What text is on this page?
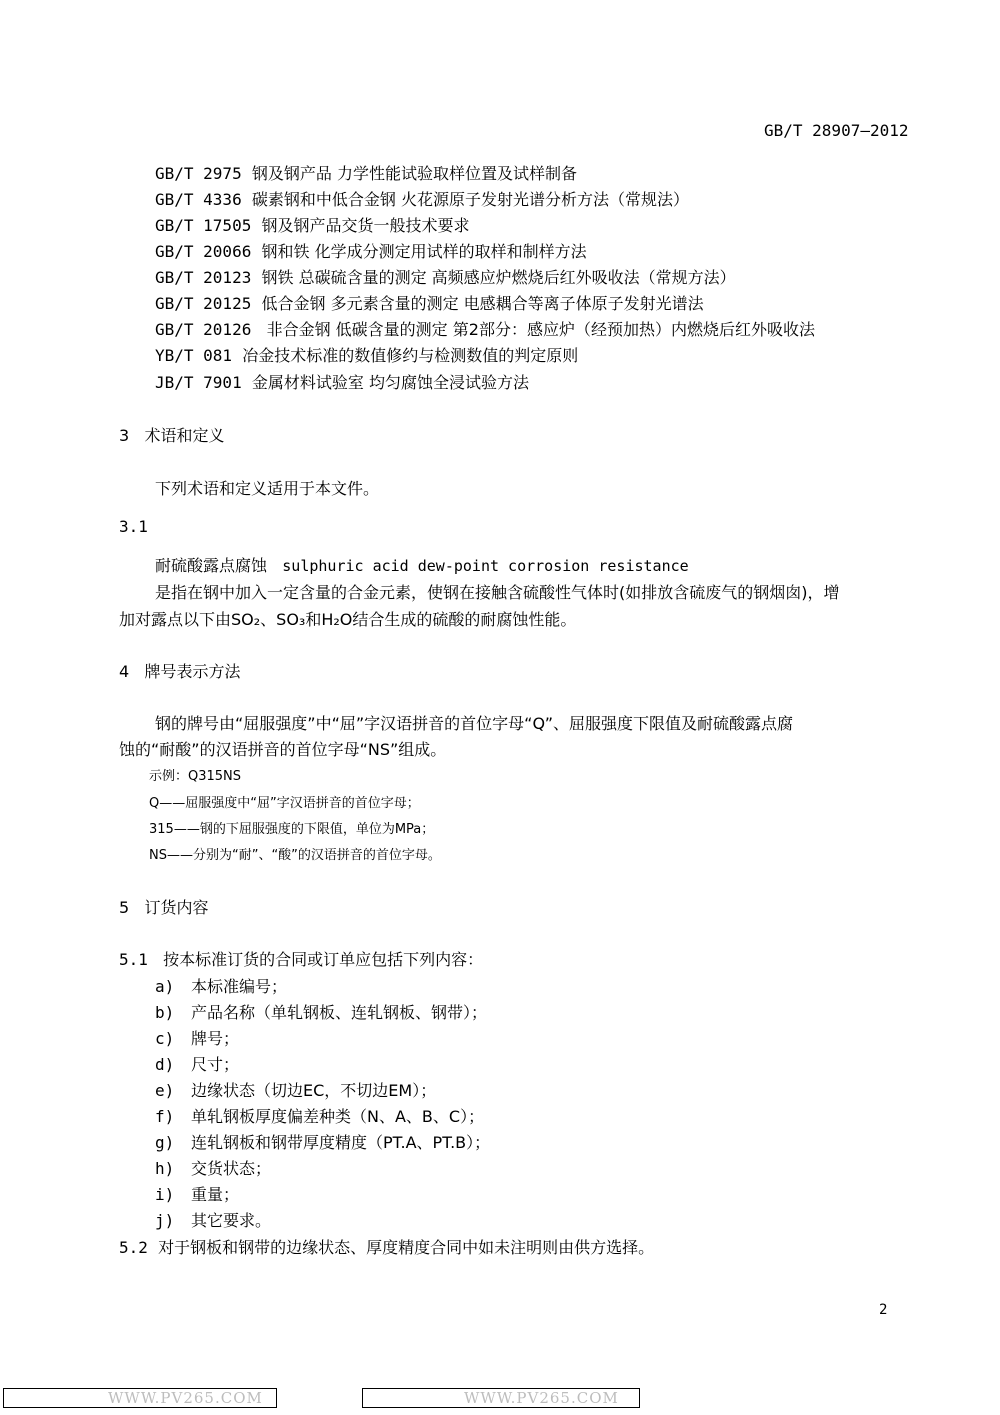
GB/T 28907—2012
GB/T 2975 钢及钢产品 力学性能试验取样位置及试样制备
GB/T 4336 碳素钢和中低合金钢 火花源原子发射光谱分析方法（常规法）
GB/T 17505 钢及钢产品交货一般技术要求
GB/T 20066 钢和铁 化学成分测定用试样的取样和制样方法
GB/T 20123 钢铁 总碳硫含量的测定 高频感应炉燃烧后红外吸收法（常规方法）
GB/T 20125 低合金钢 多元素含量的测定 电感耦合等离子体原子发射光谱法
GB/T 20126   非合金钢 低碳含量的测定 第2部分：感应炉（经预加热）内燃烧后红外吸收法
YB/T 081 冶金技术标准的数值修约与检测数值的判定原则
JB/T 7901 金属材料试验室 均匀腐蚀全浸试验方法
3 术语和定义
下列术语和定义适用于本文件。
3.1
耐硫酸露点腐蚀 sulphuric acid dew-point corrosion resistance
是指在钢中加入一定含量的合金元素，使钢在接触含硫酸性气体时(如排放含硫废气的钢烟囱)，增
加对露点以下由SO₂、SO₃和H₂O结合生成的硫酸的耐腐蚀性能。
4 牌号表示方法
钢的牌号由“屈服强度”中“屈”字汉语拼音的首位字母“Q”、屈服强度下限值及耐硫酸露点腐
蚀的“耐酸”的汉语拼音的首位字母“NS”组成。
示例：Q315NS
Q——屈服强度中“屈”字汉语拼音的首位字母；
315——钢的下屈服强度的下限值，单位为MPa；
NS——分别为“耐”、“酸”的汉语拼音的首位字母。
5 订货内容
5.1 按本标准订货的合同或订单应包括下列内容：
a) 本标准编号；
b) 产品名称（单轧钢板、连轧钢板、钢带）；
c) 牌号；
d) 尺寸；
e) 边缘状态（切边EC，不切边EM）；
f) 单轧钢板厚度偏差种类（N、A、B、C）；
g) 连轧钢板和钢带厚度精度（PT.A、PT.B）；
h) 交货状态；
i) 重量；
j) 其它要求。
5.2 对于钢板和钢带的边缘状态、厚度精度合同中如未注明则由供方选择。
2
WWW.PV265.COM	WWW.PV265.COM
